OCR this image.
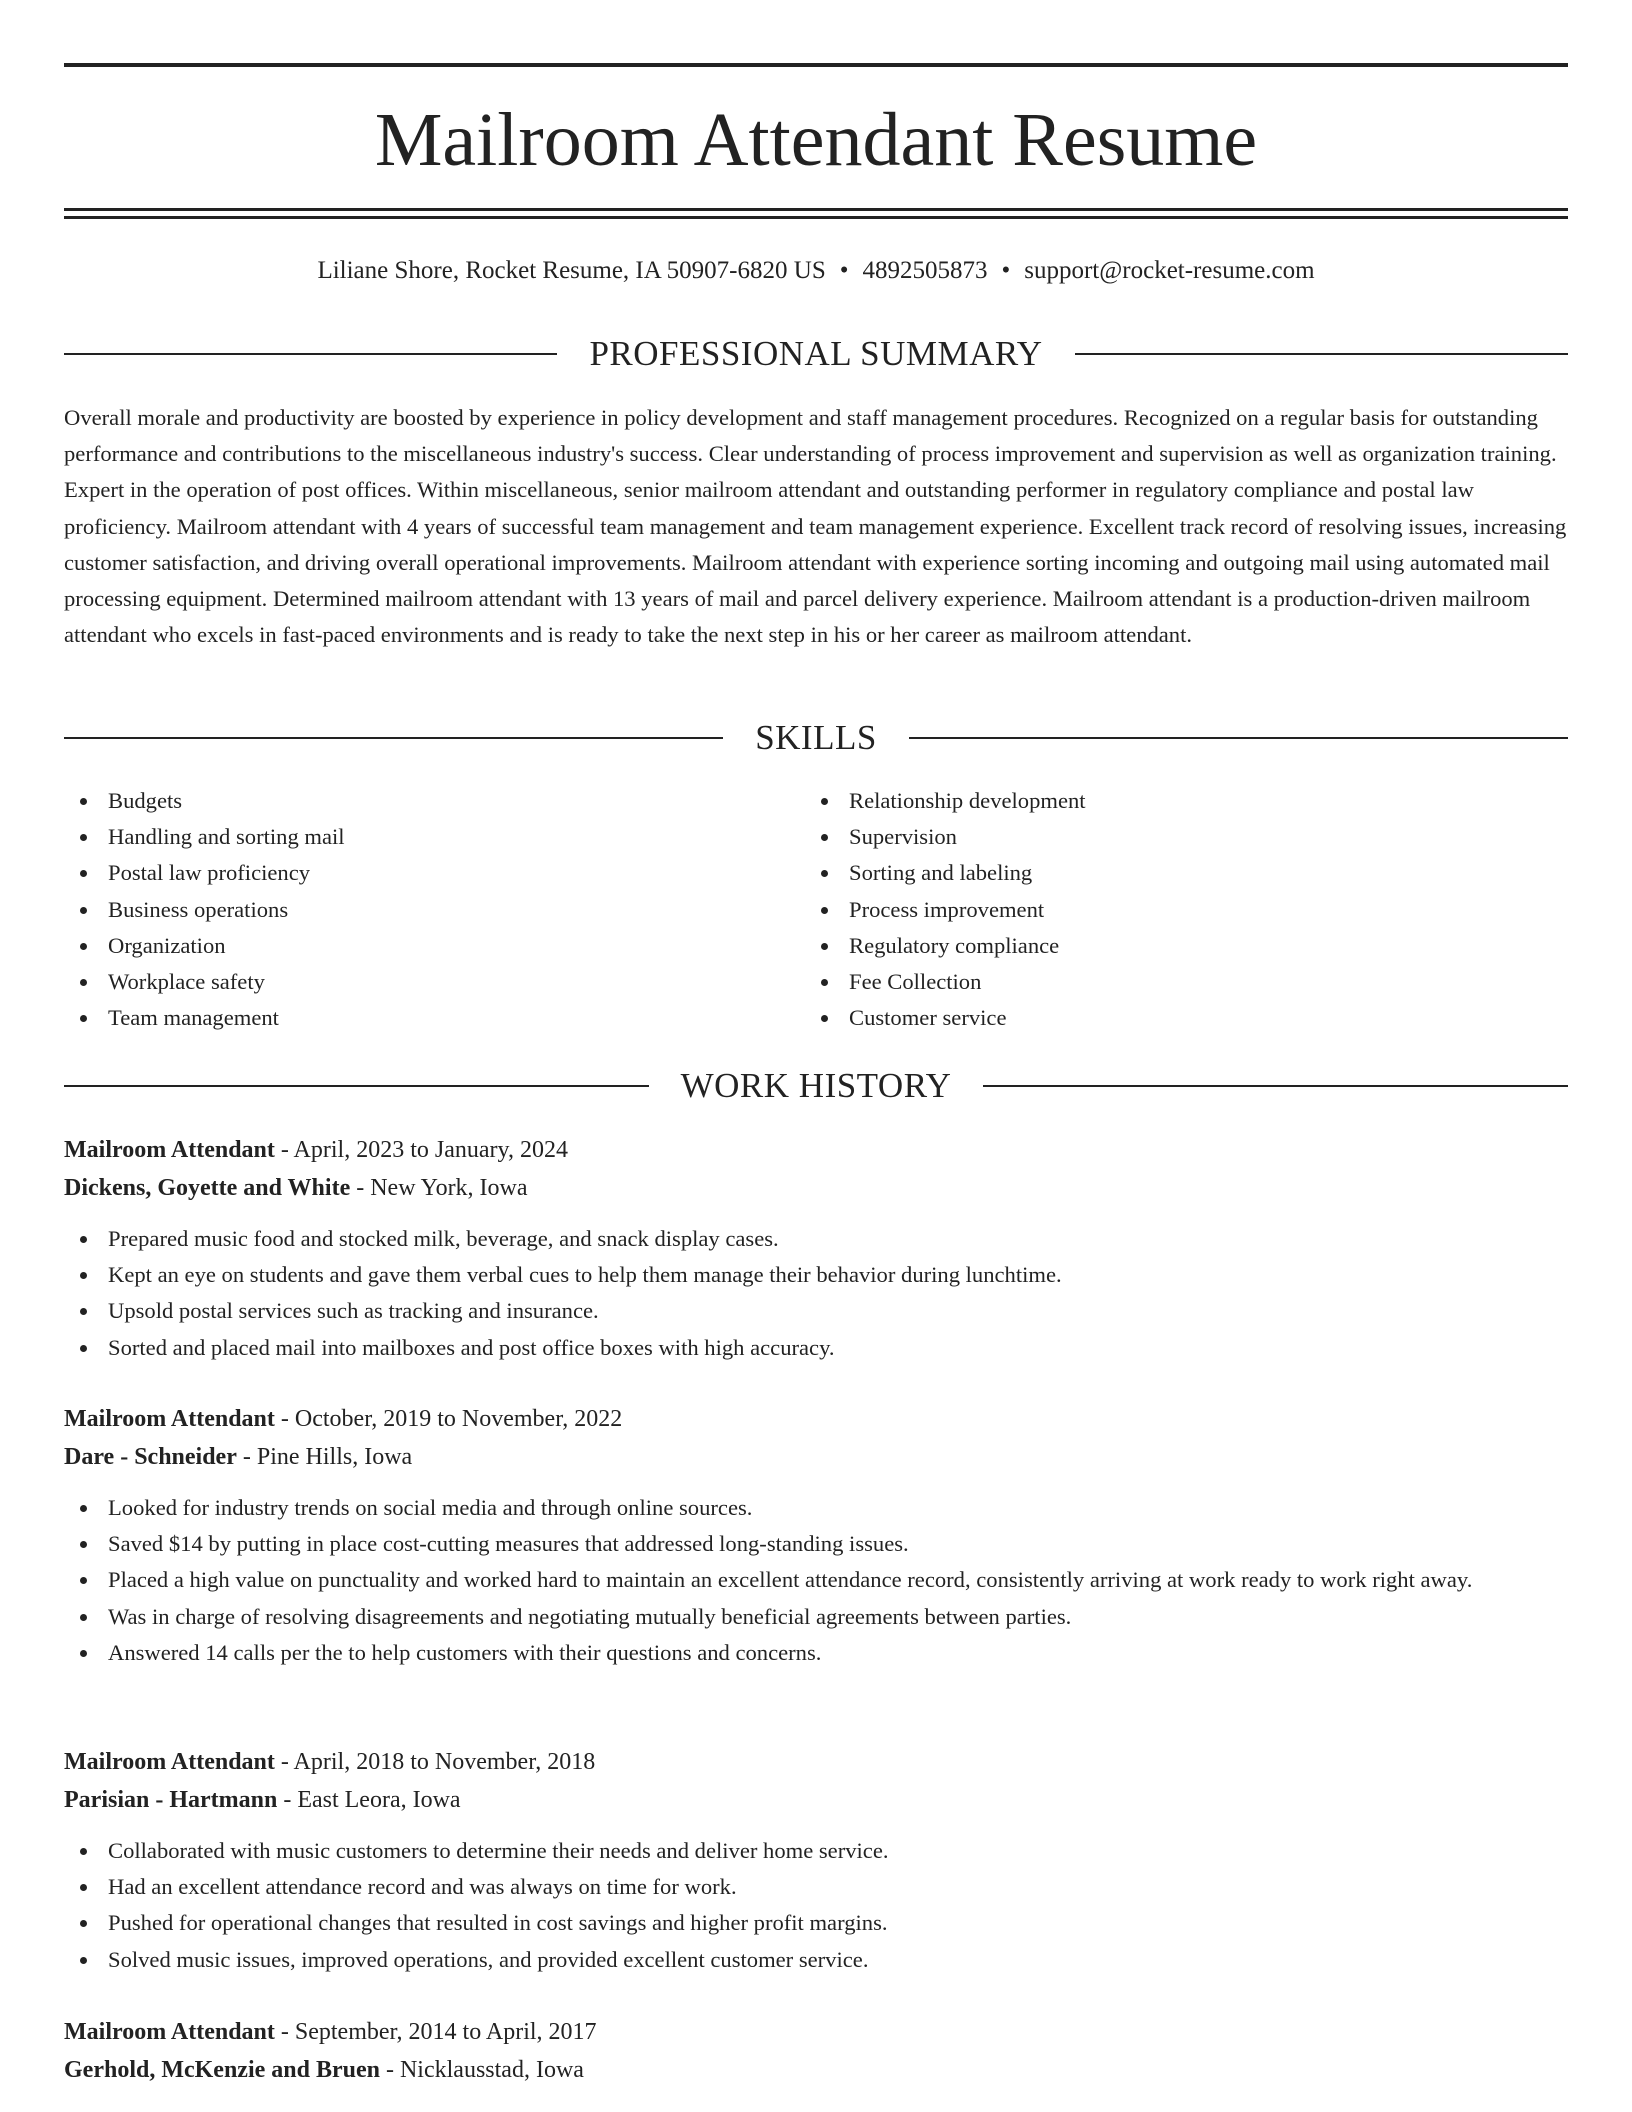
Mailroom Attendant Resume
Liliane Shore, Rocket Resume, IA 50907-6820 US • 4892505873 • support@rocket-resume.com
PROFESSIONAL SUMMARY

Overall morale and productivity are boosted by experience in policy development and staff management procedures. Recognized on a regular basis for outstanding performance and contributions to the miscellaneous industry's success. Clear understanding of process improvement and supervision as well as organization training. Expert in the operation of post offices. Within miscellaneous, senior mailroom attendant and outstanding performer in regulatory compliance and postal law proficiency. Mailroom attendant with 4 years of successful team management and team management experience. Excellent track record of resolving issues, increasing customer satisfaction, and driving overall operational improvements. Mailroom attendant with experience sorting incoming and outgoing mail using automated mail processing equipment. Determined mailroom attendant with 13 years of mail and parcel delivery experience. Mailroom attendant is a production-driven mailroom attendant who excels in fast-paced environments and is ready to take the next step in his or her career as mailroom attendant.

SKILLS
Budgets
Handling and sorting mail
Postal law proficiency
Business operations
Organization
Workplace safety
Team management
Relationship development
Supervision
Sorting and labeling
Process improvement
Regulatory compliance
Fee Collection
Customer service
WORK HISTORY

Mailroom Attendant - April, 2023 to January, 2024

Dickens, Goyette and White - New York, Iowa

Prepared music food and stocked milk, beverage, and snack display cases.
Kept an eye on students and gave them verbal cues to help them manage their behavior during lunchtime.
Upsold postal services such as tracking and insurance.
Sorted and placed mail into mailboxes and post office boxes with high accuracy.

Mailroom Attendant - October, 2019 to November, 2022

Dare - Schneider - Pine Hills, Iowa

Looked for industry trends on social media and through online sources.
Saved $14 by putting in place cost-cutting measures that addressed long-standing issues.
Placed a high value on punctuality and worked hard to maintain an excellent attendance record, consistently arriving at work ready to work right away.
Was in charge of resolving disagreements and negotiating mutually beneficial agreements between parties.
Answered 14 calls per the to help customers with their questions and concerns.

Mailroom Attendant - April, 2018 to November, 2018

Parisian - Hartmann - East Leora, Iowa

Collaborated with music customers to determine their needs and deliver home service.
Had an excellent attendance record and was always on time for work.
Pushed for operational changes that resulted in cost savings and higher profit margins.
Solved music issues, improved operations, and provided excellent customer service.

Mailroom Attendant - September, 2014 to April, 2017

Gerhold, McKenzie and Bruen - Nicklausstad, Iowa
